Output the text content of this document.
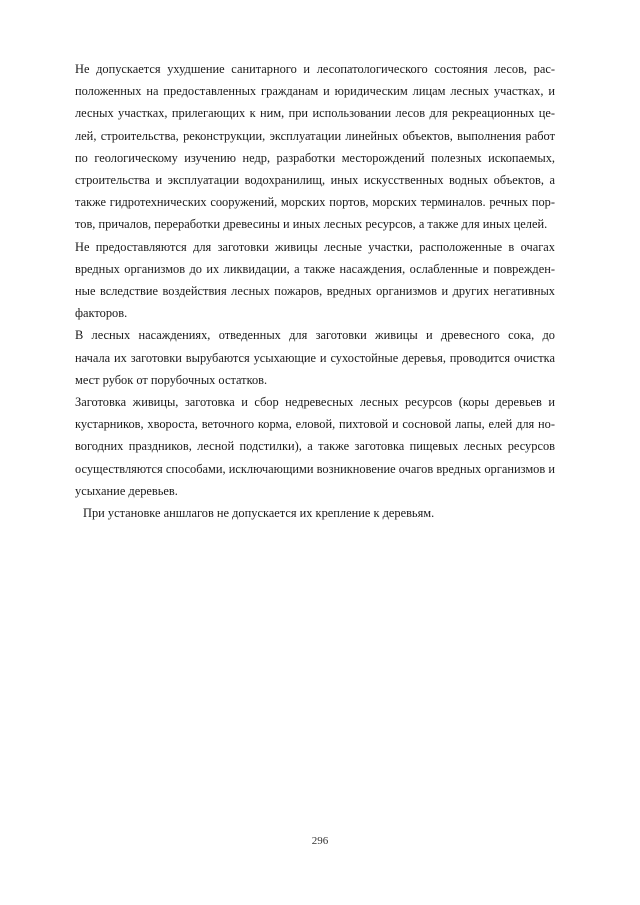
Не допускается ухудшение санитарного и лесопатологического состояния лесов, рас-
положенных на предоставленных гражданам и юридическим лицам лесных участках, и
лесных участках, прилегающих к ним, при использовании лесов для рекреационных це-
лей, строительства, реконструкции, эксплуатации линейных объектов, выполнения работ
по геологическому изучению недр, разработки месторождений полезных ископаемых,
строительства и эксплуатации водохранилищ, иных искусственных водных объектов, а
также гидротехнических сооружений, морских портов, морских терминалов. речных пор-
тов, причалов, переработки древесины и иных лесных ресурсов, а также для иных целей.

Не предоставляются для заготовки живицы лесные участки, расположенные в очагах
вредных организмов до их ликвидации, а также насаждения, ослабленные и поврежден-
ные вследствие воздействия лесных пожаров, вредных организмов и других негативных
факторов.

В лесных насаждениях, отведенных для заготовки живицы и древесного сока, до
начала их заготовки вырубаются усыхающие и сухостойные деревья, проводится очистка
мест рубок от порубочных остатков.

Заготовка живицы, заготовка и сбор недревесных лесных ресурсов (коры деревьев и
кустарников, хвороста, веточного корма, еловой, пихтовой и сосновой лапы, елей для но-
вогодних праздников, лесной подстилки), а также заготовка пищевых лесных ресурсов
осуществляются способами, исключающими возникновение очагов вредных организмов и
усыхание деревьев.

При установке аншлагов не допускается их крепление к деревьям.

296
